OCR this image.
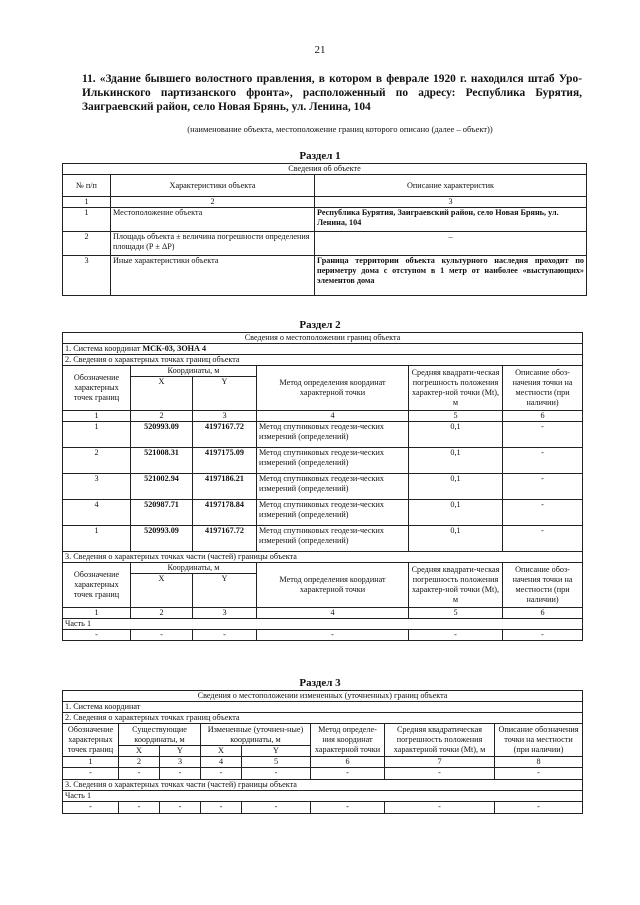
21
11. «Здание бывшего волостного правления, в котором в феврале 1920 г. находился штаб Уро-Илькинского партизанского фронта», расположенный по адресу: Республика Бурятия, Заиграевский район, село Новая Брянь, ул. Ленина, 104
(наименование объекта, местоположение границ которого описано (далее – объект))
Раздел 1
Сведения об объекте		
№ п/п	Характеристики объекта	Описание характеристик
1	2	3
1	Местоположение объекта	Республика Бурятия, Заиграевский район, село Новая Брянь, ул. Ленина, 104
2	Площадь объекта ± величина погрешности определения площади (Р ± ΔР)	–
3	Иные характеристики объекта	Граница территории объекта культурного наследия проходит по периметру дома с отступом в 1 метр от наиболее «выступающих» элементов дома
Раздел 2
Сведения о местоположении границ объекта					
1. Система координат МСК-03, ЗОНА 4					
2. Сведения о характерных точках границ объекта					
Обозначение характерных точек границ	Координаты, м		Метод определения координат характерной точки	Средняя квадрати-ческая погрешность положения характер-ной точки (Мt), м	Описание обоз-начения точки на местности (при наличии)
	X	Y			
1	2	3	4	5	6
1	520993.09	4197167.72	Метод спутниковых геодези-ческих измерений (определений)	0,1	-
2	521008.31	4197175.09	Метод спутниковых геодези-ческих измерений (определений)	0,1	-
3	521002.94	4197186.21	Метод спутниковых геодези-ческих измерений (определений)	0,1	-
4	520987.71	4197178.84	Метод спутниковых геодези-ческих измерений (определений)	0,1	-
1	520993.09	4197167.72	Метод спутниковых геодези-ческих измерений (определений)	0,1	-
3. Сведения о характерных точках части (частей) границы объекта					
Обозначение характерных точек границ	Координаты, м		Метод определения координат характерной точки	Средняя квадрати-ческая погрешность положения характер-ной точки (Мt), м	Описание обоз-начения точки на местности (при наличии)
	X	Y			
1	2	3	4	5	6
Часть 1					
-	-	-	-	-	-
Раздел 3
Сведения о местоположении измененных (уточненных) границ объекта							
1. Система координат							
2. Сведения о характерных точках границ объекта							
Обозначение характерных точек границ	Существующие координаты, м		Измененные (уточнен-ные) координаты, м		Метод определе-ния координат характерной точки	Средняя квадратическая погрешность положения характерной точки (Мt), м	Описание обозначения точки на местности (при наличии)
	X	Y	X	Y			
1	2	3	4	5	6	7	8
-	-	-	-	-	-	-	-
3. Сведения о характерных точках части (частей) границы объекта							
Часть 1							
-	-	-	-	-	-	-	-
